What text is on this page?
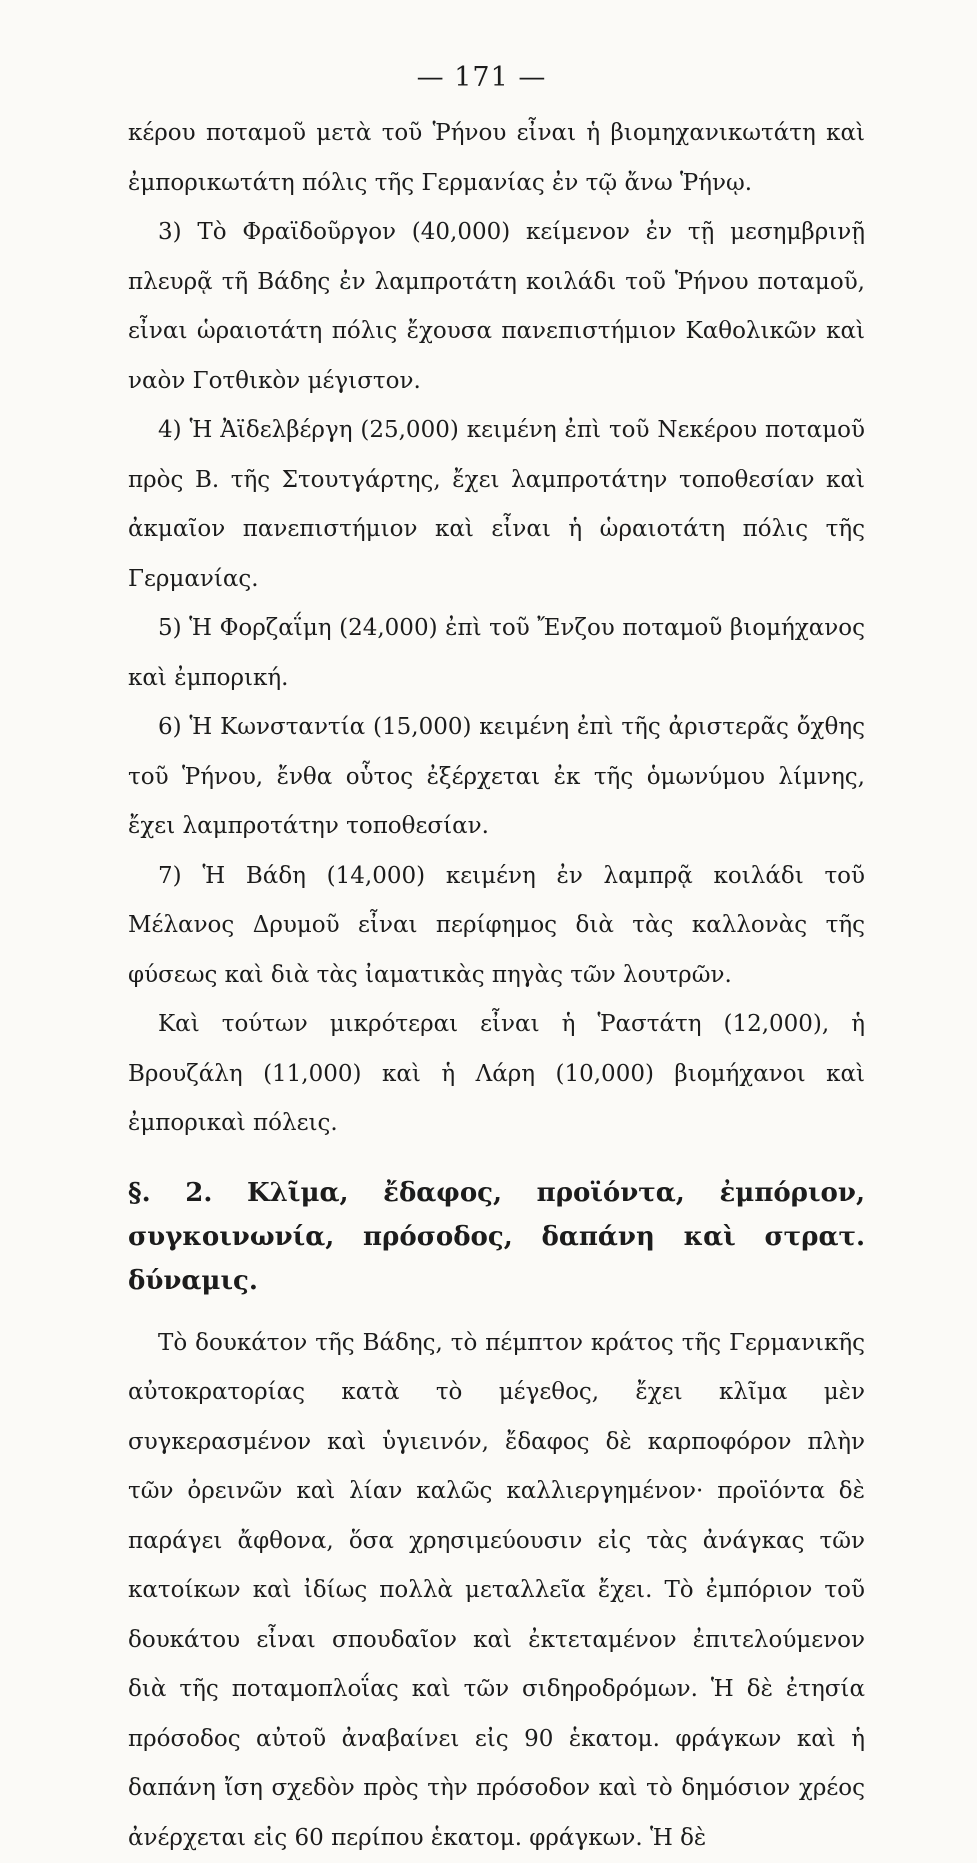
— 171 —

κέρου ποταμοῦ μετὰ τοῦ Ῥήνου εἶναι ἡ βιομηχανικωτάτη καὶ ἐμπορικωτάτη πόλις τῆς Γερμανίας ἐν τῷ ἄνω Ῥήνῳ.

3) Τὸ Φραϊδοῦργον (40,000) κείμενον ἐν τῇ μεσημβρινῇ πλευρᾷ τῆ Βάδης ἐν λαμπροτάτη κοιλάδι τοῦ Ῥήνου ποταμοῦ, εἶναι ὡραιοτάτη πόλις ἔχουσα πανεπιστήμιον Καθολικῶν καὶ ναὸν Γοτθικὸν μέγιστον.

4) Ἡ Ἀϊδελβέργη (25,000) κειμένη ἐπὶ τοῦ Νεκέρου ποταμοῦ πρὸς Β. τῆς Στουτγάρτης, ἔχει λαμπροτάτην τοποθεσίαν καὶ ἀκμαῖον πανεπιστήμιον καὶ εἶναι ἡ ὡραιοτάτη πόλις τῆς Γερμανίας.

5) Ἡ Φορζαΐμη (24,000) ἐπὶ τοῦ Ἔνζου ποταμοῦ βιομήχανος καὶ ἐμπορική.

6) Ἡ Κωνσταντία (15,000) κειμένη ἐπὶ τῆς ἀριστερᾶς ὄχθης τοῦ Ῥήνου, ἔνθα οὗτος ἐξέρχεται ἐκ τῆς ὁμωνύμου λίμνης, ἔχει λαμπροτάτην τοποθεσίαν.

7) Ἡ Βάδη (14,000) κειμένη ἐν λαμπρᾷ κοιλάδι τοῦ Μέλανος Δρυμοῦ εἶναι περίφημος διὰ τὰς καλλονὰς τῆς φύσεως καὶ διὰ τὰς ἰαματικὰς πηγὰς τῶν λουτρῶν.

Καὶ τούτων μικρότεραι εἶναι ἡ Ῥαστάτη (12,000), ἡ Βρουζάλη (11,000) καὶ ἡ Λάρη (10,000) βιομήχανοι καὶ ἐμπορικαὶ πόλεις.

§. 2. Κλῖμα, ἔδαφος, προϊόντα, ἐμπόριον, συγκοινωνία, πρόσοδος, δαπάνη καὶ στρατ. δύναμις.

Τὸ δουκάτον τῆς Βάδης, τὸ πέμπτον κράτος τῆς Γερμανικῆς αὐτοκρατορίας κατὰ τὸ μέγεθος, ἔχει κλῖμα μὲν συγκερασμένον καὶ ὑγιεινόν, ἔδαφος δὲ καρποφόρον πλὴν τῶν ὀρεινῶν καὶ λίαν καλῶς καλλιεργημένον· προϊόντα δὲ παράγει ἄφθονα, ὅσα χρησιμεύουσιν εἰς τὰς ἀνάγκας τῶν κατοίκων καὶ ἰδίως πολλὰ μεταλλεῖα ἔχει. Τὸ ἐμπόριον τοῦ δουκάτου εἶναι σπουδαῖον καὶ ἐκτεταμένον ἐπιτελούμενον διὰ τῆς ποταμοπλοΐας καὶ τῶν σιδηροδρόμων. Ἡ δὲ ἐτησία πρόσοδος αὐτοῦ ἀναβαίνει εἰς 90 ἑκατομ. φράγκων καὶ ἡ δαπάνη ἴση σχεδὸν πρὸς τὴν πρόσοδον καὶ τὸ δημόσιον χρέος ἀνέρχεται εἰς 60 περίπου ἑκατομ. φράγκων. Ἡ δὲ
